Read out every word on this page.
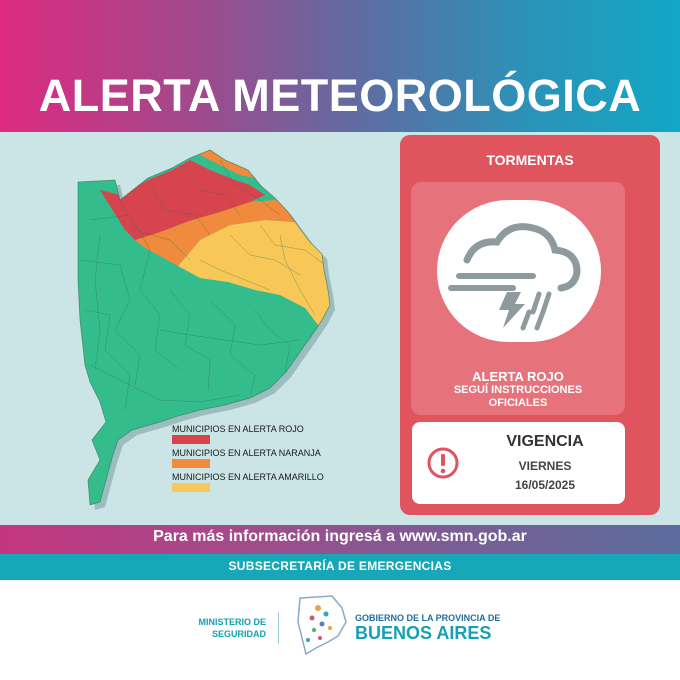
ALERTA METEOROLÓGICA
MUNICIPIOS EN ALERTA ROJO
MUNICIPIOS EN ALERTA NARANJA
MUNICIPIOS EN ALERTA AMARILLO
TORMENTAS
ALERTA ROJO
SEGUÍ INSTRUCCIONES
OFICIALES
VIGENCIA
VIERNES
16/05/2025
Para más información ingresá a www.smn.gob.ar
SUBSECRETARÍA DE EMERGENCIAS
MINISTERIO DE
SEGURIDAD
GOBIERNO DE LA PROVINCIA DE
BUENOS AIRES
